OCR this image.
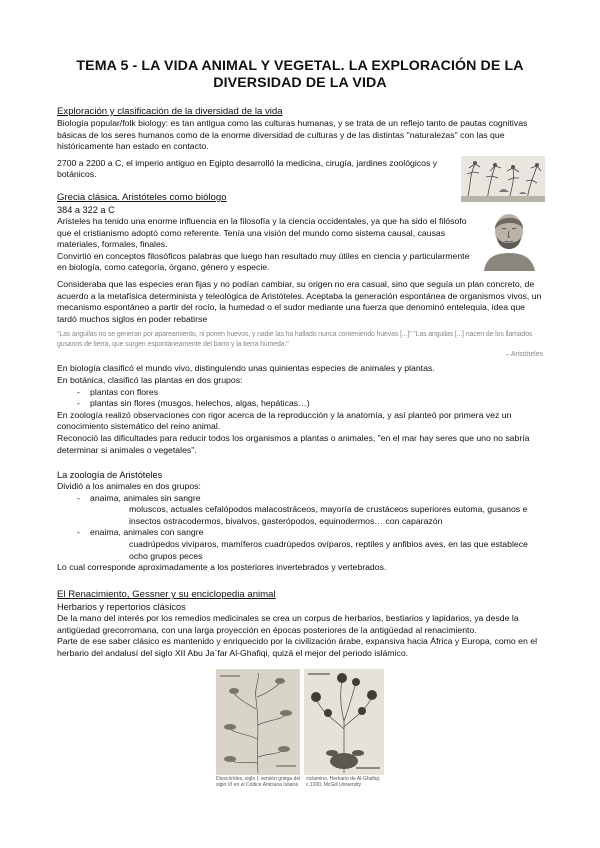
TEMA 5 - LA VIDA ANIMAL Y VEGETAL. LA EXPLORACIÓN DE LA DIVERSIDAD DE LA VIDA

Exploración y clasificación de la diversidad de la vida

Biología popular/folk biology: es tan antigua como las culturas humanas, y se trata de un reflejo tanto de pautas cognitivas básicas de los seres humanos como de la enorme diversidad de culturas y de las distintas "naturalezas" con las que históricamente han estado en contacto.

2700 a 2200 a C, el imperio antiguo en Egipto desarrolló la medicina, cirugía, jardines zoológicos y botánicos.

Grecia clásica. Aristóteles como biólogo

384 a 322 a C

Aristeles ha tenido una enorme influencia en la filosofía y la ciencia occidentales, ya que ha sido el filósofo que el cristianismo adoptó como referente. Tenía una visión del mundo como sistema causal, causas materiales, formales, finales.

Convirtió en conceptos filosóficos palabras que luego han resultado muy útiles en ciencia y particularmente en biología, como categoría, órgano, género y especie.

Consideraba que las especies eran fijas y no podían cambiar, su origen no era casual, sino que seguía un plan concreto, de acuerdo a la metafísica determinista y teleológica de Aristóteles. Aceptaba la generación espontánea de organismos vivos, un mecanismo espontáneo a partir del rocío, la humedad o el sudor mediante una fuerza que denominó entelequia, idea que tardó muchos siglos en poder rebatirse

"Las anguilas no se generan por apareamiento, ni ponen huevos, y nadie las ha hallado nunca conteniendo huevas [...]" "Las anguilas [...] nacen de los llamados gusanos de tierra, que surgen espontáneamente del barro y la tierra húmeda."

– Aristóteles

En biología clasificó el mundo vivo, distinguiendo unas quinientas especies de animales y plantas.

En botánica, clasificó las plantas en dos grupos:

- plantas con flores
- plantas sin flores (musgos, helechos, algas, hepáticas…)

En zoología realizó observaciones con rigor acerca de la reproducción y la anatomía, y así planteó por primera vez un conocimiento sistemático del reino animal.

Reconoció las dificultades para reducir todos los organismos a plantas o animales, "en el mar hay seres que uno no sabría determinar si animales o vegetales".

La zoología de Aristóteles

Dividió a los animales en dos grupos:

- anaima, animales sin sangre

moluscos, actuales cefalópodos malacostráceos, mayoría de crustáceos superiores eutoma, gusanos e insectos ostracodermos, bivalvos, gasterópodos, equinodermos… con caparazón

- enaima, animales con sangre

cuadrúpedos vivíparos, mamíferos cuadrúpedos ovíparos, reptiles y anfibios aves, en las que establece ocho grupos peces

Lo cual corresponde aproximadamente a los posteriores invertebrados y vertebrados.

El Renacimiento, Gessner y su enciclopedia animal

Herbarios y repertorios clásicos

De la mano del interés por los remedios medicinales se crea un corpus de herbarios, bestiarios y lapidarios, ya desde la antigüedad grecorromana, con una larga proyección en épocas posteriores de la antigüedad al renacimiento.

Parte de ese saber clásico es mantenido y enriquecido por la civilización árabe, expansiva hacia África y Europa, como en el herbario del andalusí del siglo XII Abu Ja`far Al-Ghafiqi, quizá el mejor del periodo islámico.

Dioscórides, siglo I, versión griega del siglo VI en el Códice Aniciana Iuliana
ciclamino, Herbario de Al-Ghafiqi, c.1200, McGill University
